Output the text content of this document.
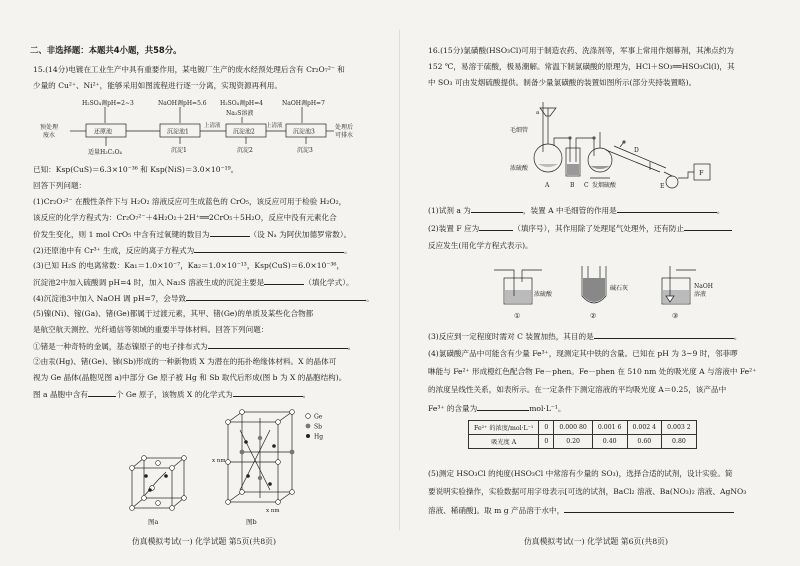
二、非选择题：本题共4小题，共58分。
15.(14分)电镀在工业生产中具有重要作用，某电镀厂生产的废水经预处理后含有 Cr₂O₇²⁻ 和
少量的 Cu²⁺、Ni²⁺，能够采用如图流程进行逐一分离，实现资源再利用。
H₂SO₄调pH=2~3	NaOH调pH=5.6 H₂SO₄调pH=4
Na₂S溶液
NaOH调pH=7
预处理
废水	还原池	沉淀池1
上清液
沉淀池2
上清液
沉淀池3
处理后
可排水
适量H₂C₂O₄	沉淀1	沉淀2	沉淀3
已知：Ksp(CuS)＝6.3×10⁻³⁶ 和 Ksp(NiS)＝3.0×10⁻¹⁹。
回答下列问题：
(1)Cr₂O₇²⁻ 在酸性条件下与 H₂O₂ 溶液反应可生成蓝色的 CrO₅，该反应可用于检验 H₂O₂，
该反应的化学方程式为：Cr₂O₇²⁻＋4H₂O₂＋2H⁺══2CrO₅＋5H₂O，反应中没有元素化合
价发生变化，则 1 mol CrO₅ 中含有过氧键的数目为	（设 Nₐ 为阿伏加德罗常数）。
(2)还原池中有 Cr³⁺ 生成，反应的离子方程式为	。
(3)已知 H₂S 的电离常数：Ka₁＝1.0×10⁻⁷，Ka₂＝1.0×10⁻¹³，Ksp(CuS)＝6.0×10⁻³⁶，
沉淀池2中加入硫酸调 pH=4 时，加入 Na₂S 溶液生成的沉淀主要是	（填化学式）。
(4)沉淀池3中加入 NaOH 调 pH=7，会导致	。
(5)镍(Ni)、镓(Ga)、锗(Ge)都属于过渡元素，其甲、锗(Ge)的单质及某些化合物都
是航空航天测控、光纤通信等领域的重要半导体材料。回答下列问题：
①锗是一种奇特的金属，基态镍原子的电子排布式为	。
②由汞(Hg)、锗(Ge)、锑(Sb)形成的一种新物质 X 为潜在的拓扑绝缘体材料。X 的晶体可
视为 Ge 晶体(晶胞见图 a)中部分 Ge 原子被 Hg 和 Sb 取代后形成(图 b 为 X 的晶胞结构)。
图 a 晶胞中含有	个 Ge 原子，该物质 X 的化学式为	。
图a
x nm
x nm
图b
Ge
Sb
Hg
仿真模拟考试(一) 化学试题 第5页(共8页)
16.(15分)氯磺酸(HSO₃Cl)可用于制造农药、洗涤剂等，军事上常用作烟幕剂，其沸点约为
152 ℃，易溶于硫酸，极易潮解。常温下制氯磺酸的原理为，HCl＋SO₃══HSO₃Cl(l)，其
中 SO₃ 可由发烟硫酸提供。制备少量氯磺酸的装置如图所示(部分夹持装置略)。
毛细管
浓硫酸
A	B C 发烟硫酸
D
E
F
a
(1)试剂 a 为	，装置 A 中毛细管的作用是	。
(2)装置 F 应为	（填序号），其作用除了处理尾气处理外，还有防止
反应发生(用化学方程式表示)。
浓硫酸
碱石灰	NaOH
溶液
①	②	③
(3)反应到一定程度时需对 C 装置加热，其目的是	。
(4)氯磺酸产品中可能含有少量 Fe³⁺，现测定其中铁的含量。已知在 pH 为 3~9 时，邻菲啰
啉能与 Fe²⁺ 形成橙红色配合物 Fe－phen。Fe－phen 在 510 nm 处的吸光度 A 与溶液中 Fe²⁺
的浓度呈线性关系，如表所示。在一定条件下测定溶液的平均吸光度 A＝0.25，该产品中
Fe³⁺ 的含量为	mol·L⁻¹。
Fe²⁺ 的浓度/mol·L⁻¹	0	0.000 80	0.001 6	0.002 4	0.003 2
吸光度 A	0	0.20	0.40	0.60	0.80
(5)测定 HSO₃Cl 的纯度(HSO₃Cl 中常溶有少量的 SO₃)，选择合适的试剂，设计实验。简
要说明实验操作，实验数据可用字母表示[可选的试剂，BaCl₂ 溶液、Ba(NO₃)₂ 溶液、AgNO₃
溶液、稀硝酸]。取 m g 产品溶于水中，
仿真模拟考试(一) 化学试题 第6页(共8页)
